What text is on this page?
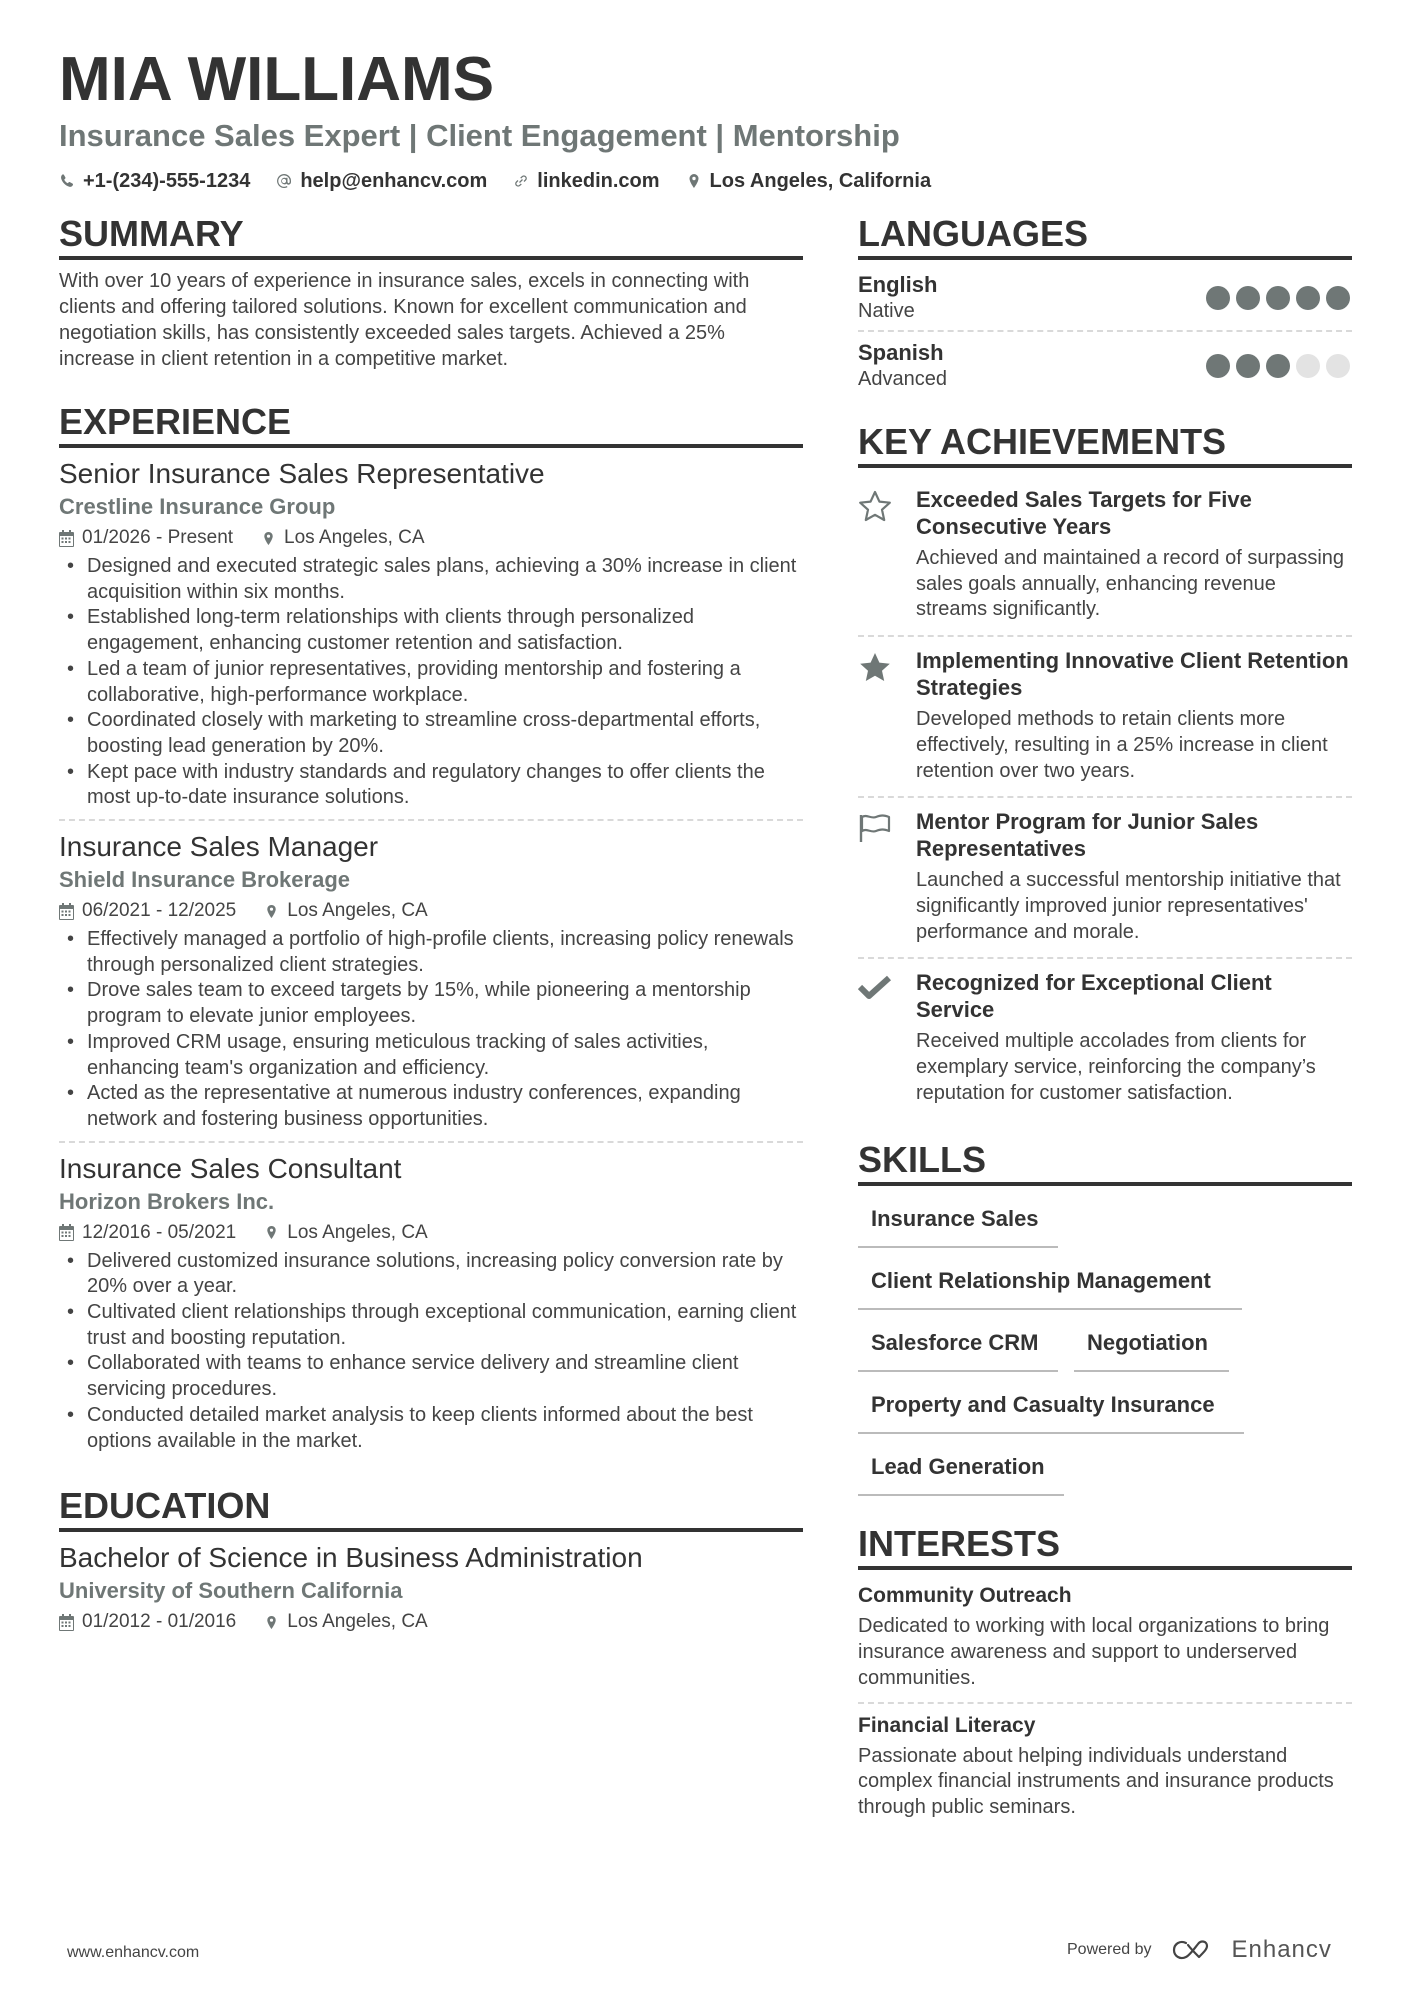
MIA WILLIAMS
Insurance Sales Expert | Client Engagement | Mentorship
+1-(234)-555-1234	help@enhancv.com	linkedin.com	Los Angeles, California
SUMMARY
With over 10 years of experience in insurance sales, excels in connecting with clients and offering tailored solutions. Known for excellent communication and negotiation skills, has consistently exceeded sales targets. Achieved a 25% increase in client retention in a competitive market.
EXPERIENCE
Senior Insurance Sales Representative
Crestline Insurance Group
01/2026 - Present	Los Angeles, CA
• Designed and executed strategic sales plans, achieving a 30% increase in client acquisition within six months.
• Established long-term relationships with clients through personalized engagement, enhancing customer retention and satisfaction.
• Led a team of junior representatives, providing mentorship and fostering a collaborative, high-performance workplace.
• Coordinated closely with marketing to streamline cross-departmental efforts, boosting lead generation by 20%.
• Kept pace with industry standards and regulatory changes to offer clients the most up-to-date insurance solutions.
Insurance Sales Manager
Shield Insurance Brokerage
06/2021 - 12/2025	Los Angeles, CA
• Effectively managed a portfolio of high-profile clients, increasing policy renewals through personalized client strategies.
• Drove sales team to exceed targets by 15%, while pioneering a mentorship program to elevate junior employees.
• Improved CRM usage, ensuring meticulous tracking of sales activities, enhancing team's organization and efficiency.
• Acted as the representative at numerous industry conferences, expanding network and fostering business opportunities.
Insurance Sales Consultant
Horizon Brokers Inc.
12/2016 - 05/2021	Los Angeles, CA
• Delivered customized insurance solutions, increasing policy conversion rate by 20% over a year.
• Cultivated client relationships through exceptional communication, earning client trust and boosting reputation.
• Collaborated with teams to enhance service delivery and streamline client servicing procedures.
• Conducted detailed market analysis to keep clients informed about the best options available in the market.
EDUCATION
Bachelor of Science in Business Administration
University of Southern California
01/2012 - 01/2016	Los Angeles, CA
LANGUAGES
English
Native
Spanish
Advanced
KEY ACHIEVEMENTS
Exceeded Sales Targets for Five Consecutive Years
Achieved and maintained a record of surpassing sales goals annually, enhancing revenue streams significantly.
Implementing Innovative Client Retention Strategies
Developed methods to retain clients more effectively, resulting in a 25% increase in client retention over two years.
Mentor Program for Junior Sales Representatives
Launched a successful mentorship initiative that significantly improved junior representatives' performance and morale.
Recognized for Exceptional Client Service
Received multiple accolades from clients for exemplary service, reinforcing the company’s reputation for customer satisfaction.
SKILLS
Insurance Sales
Client Relationship Management
Salesforce CRM	Negotiation
Property and Casualty Insurance
Lead Generation
INTERESTS
Community Outreach
Dedicated to working with local organizations to bring insurance awareness and support to underserved communities.
Financial Literacy
Passionate about helping individuals understand complex financial instruments and insurance products through public seminars.
www.enhancv.com	Powered by	Enhancv
